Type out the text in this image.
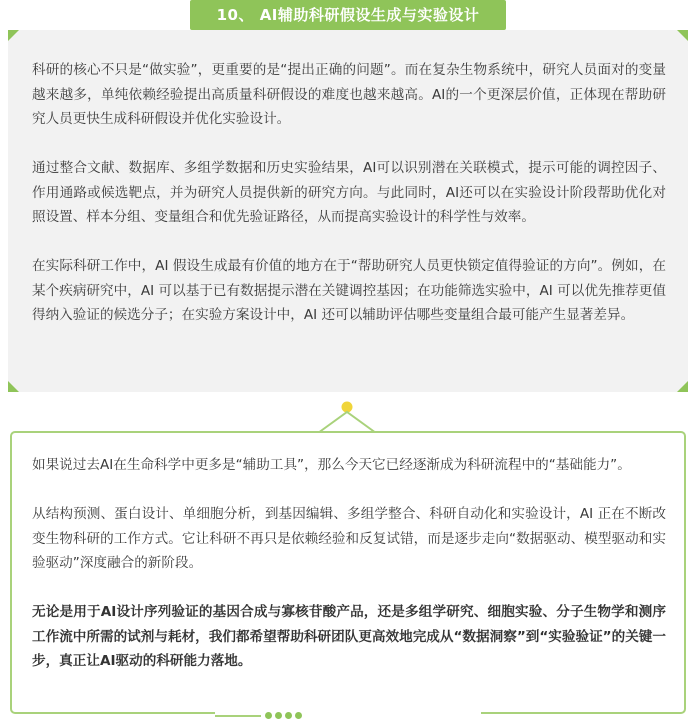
10、 AI辅助科研假设生成与实验设计

科研的核心不只是“做实验”，更重要的是“提出正确的问题”。而在复杂生物系统中，研究人员面对的变量越来越多，单纯依赖经验提出高质量科研假设的难度也越来越高。AI的一个更深层价值，正体现在帮助研究人员更快生成科研假设并优化实验设计。

通过整合文献、数据库、多组学数据和历史实验结果，AI可以识别潜在关联模式，提示可能的调控因子、作用通路或候选靶点，并为研究人员提供新的研究方向。与此同时，AI还可以在实验设计阶段帮助优化对照设置、样本分组、变量组合和优先验证路径，从而提高实验设计的科学性与效率。

在实际科研工作中，AI 假设生成最有价值的地方在于“帮助研究人员更快锁定值得验证的方向”。例如，在某个疾病研究中，AI 可以基于已有数据提示潜在关键调控基因；在功能筛选实验中，AI 可以优先推荐更值得纳入验证的候选分子；在实验方案设计中，AI 还可以辅助评估哪些变量组合最可能产生显著差异。

如果说过去AI在生命科学中更多是“辅助工具”，那么今天它已经逐渐成为科研流程中的“基础能力”。

从结构预测、蛋白设计、单细胞分析，到基因编辑、多组学整合、科研自动化和实验设计，AI 正在不断改变生物科研的工作方式。它让科研不再只是依赖经验和反复试错，而是逐步走向“数据驱动、模型驱动和实验驱动”深度融合的新阶段。

无论是用于AI设计序列验证的基因合成与寡核苷酸产品，还是多组学研究、细胞实验、分子生物学和测序工作流中所需的试剂与耗材，我们都希望帮助科研团队更高效地完成从“数据洞察”到“实验验证”的关键一步，真正让AI驱动的科研能力落地。
